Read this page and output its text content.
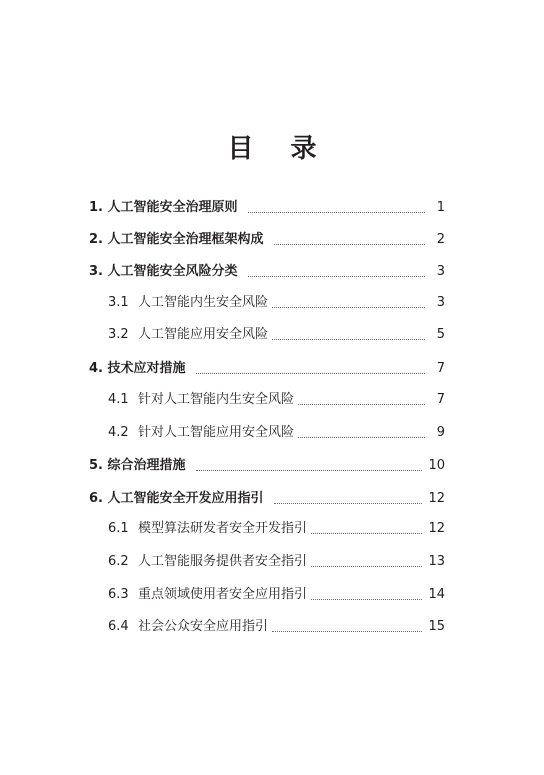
目 录
1. 人工智能安全治理原则	1
2. 人工智能安全治理框架构成	2
3. 人工智能安全风险分类	3
3.1 人工智能内生安全风险	3
3.2 人工智能应用安全风险	5
4. 技术应对措施	7
4.1 针对人工智能内生安全风险	7
4.2 针对人工智能应用安全风险	9
5. 综合治理措施	10
6. 人工智能安全开发应用指引	12
6.1 模型算法研发者安全开发指引	12
6.2 人工智能服务提供者安全指引	13
6.3 重点领域使用者安全应用指引	14
6.4 社会公众安全应用指引	15
